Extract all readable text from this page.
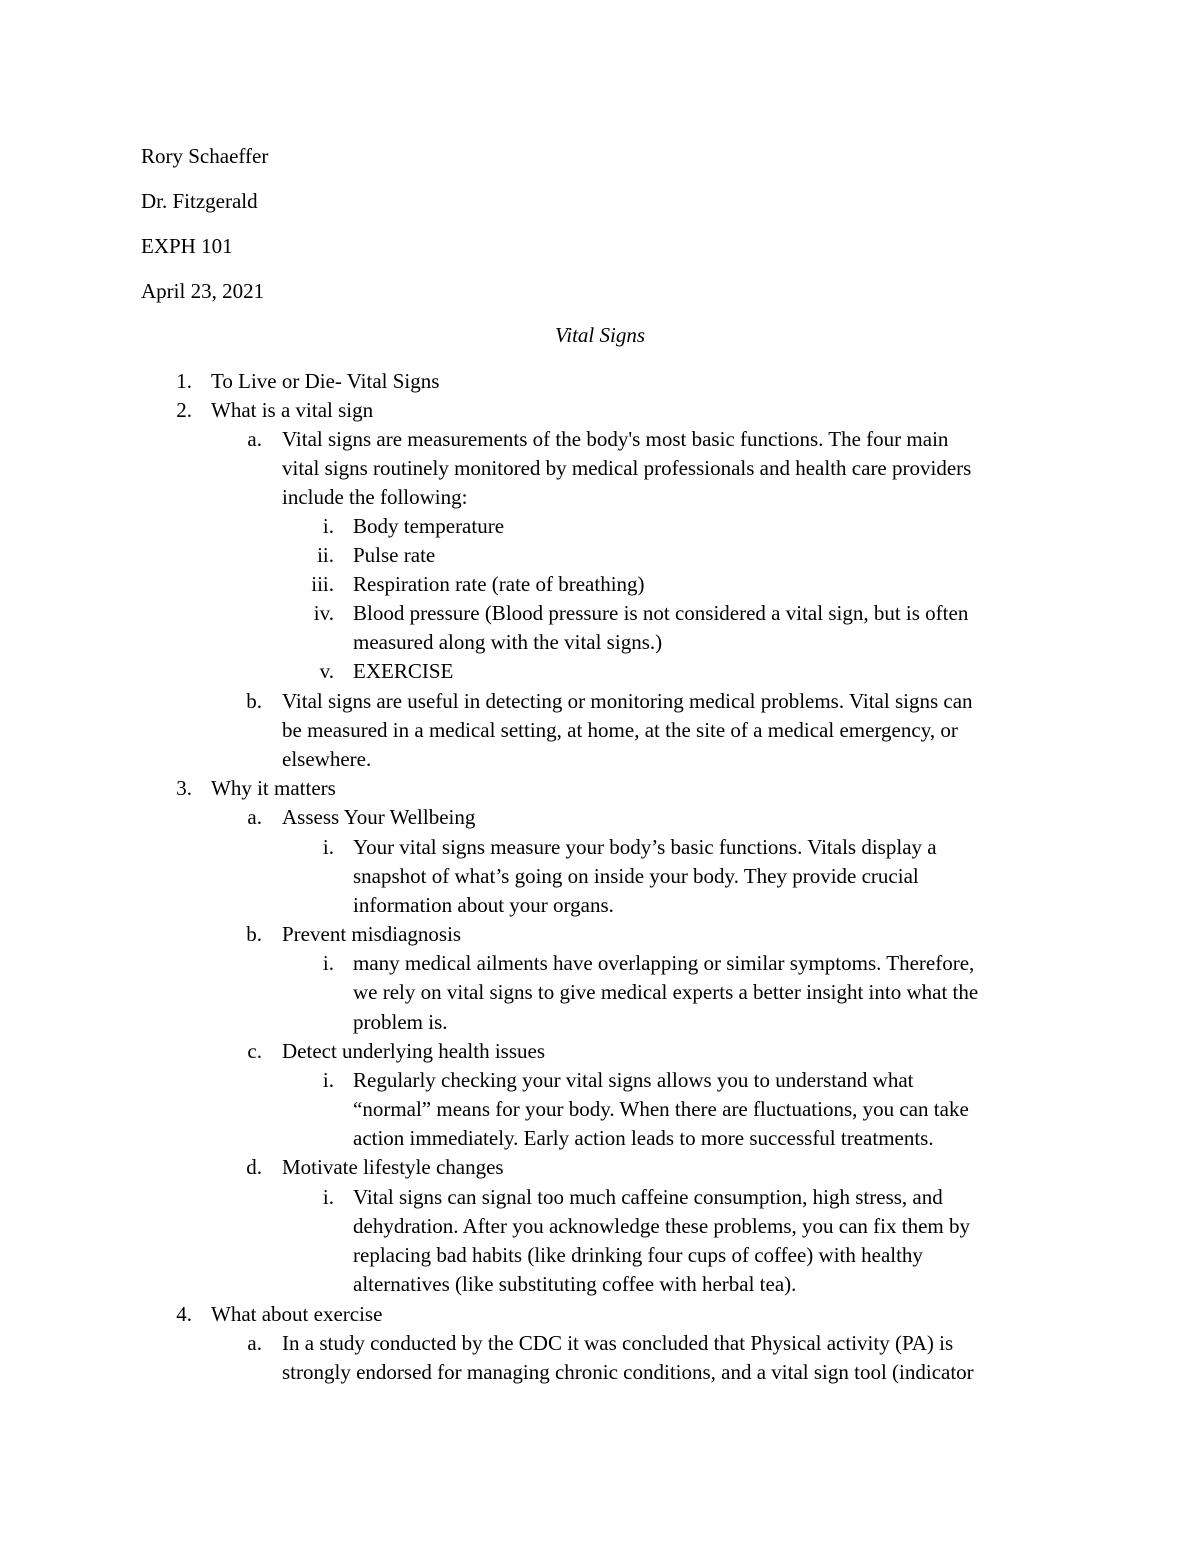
Rory Schaeffer
Dr. Fitzgerald
EXPH 101
April 23, 2021
Vital Signs
1. To Live or Die- Vital Signs
2. What is a vital sign
a. Vital signs are measurements of the body's most basic functions. The four main
vital signs routinely monitored by medical professionals and health care providers
include the following:
i. Body temperature
ii. Pulse rate
iii. Respiration rate (rate of breathing)
iv. Blood pressure (Blood pressure is not considered a vital sign, but is often
measured along with the vital signs.)
v. EXERCISE
b. Vital signs are useful in detecting or monitoring medical problems. Vital signs can
be measured in a medical setting, at home, at the site of a medical emergency, or
elsewhere.
3. Why it matters
a. Assess Your Wellbeing
i. Your vital signs measure your body’s basic functions. Vitals display a
snapshot of what’s going on inside your body. They provide crucial
information about your organs.
b. Prevent misdiagnosis
i. many medical ailments have overlapping or similar symptoms. Therefore,
we rely on vital signs to give medical experts a better insight into what the
problem is.
c. Detect underlying health issues
i. Regularly checking your vital signs allows you to understand what
“normal” means for your body. When there are fluctuations, you can take
action immediately. Early action leads to more successful treatments.
d. Motivate lifestyle changes
i. Vital signs can signal too much caffeine consumption, high stress, and
dehydration. After you acknowledge these problems, you can fix them by
replacing bad habits (like drinking four cups of coffee) with healthy
alternatives (like substituting coffee with herbal tea).
4. What about exercise
a. In a study conducted by the CDC it was concluded that Physical activity (PA) is
strongly endorsed for managing chronic conditions, and a vital sign tool (indicator
